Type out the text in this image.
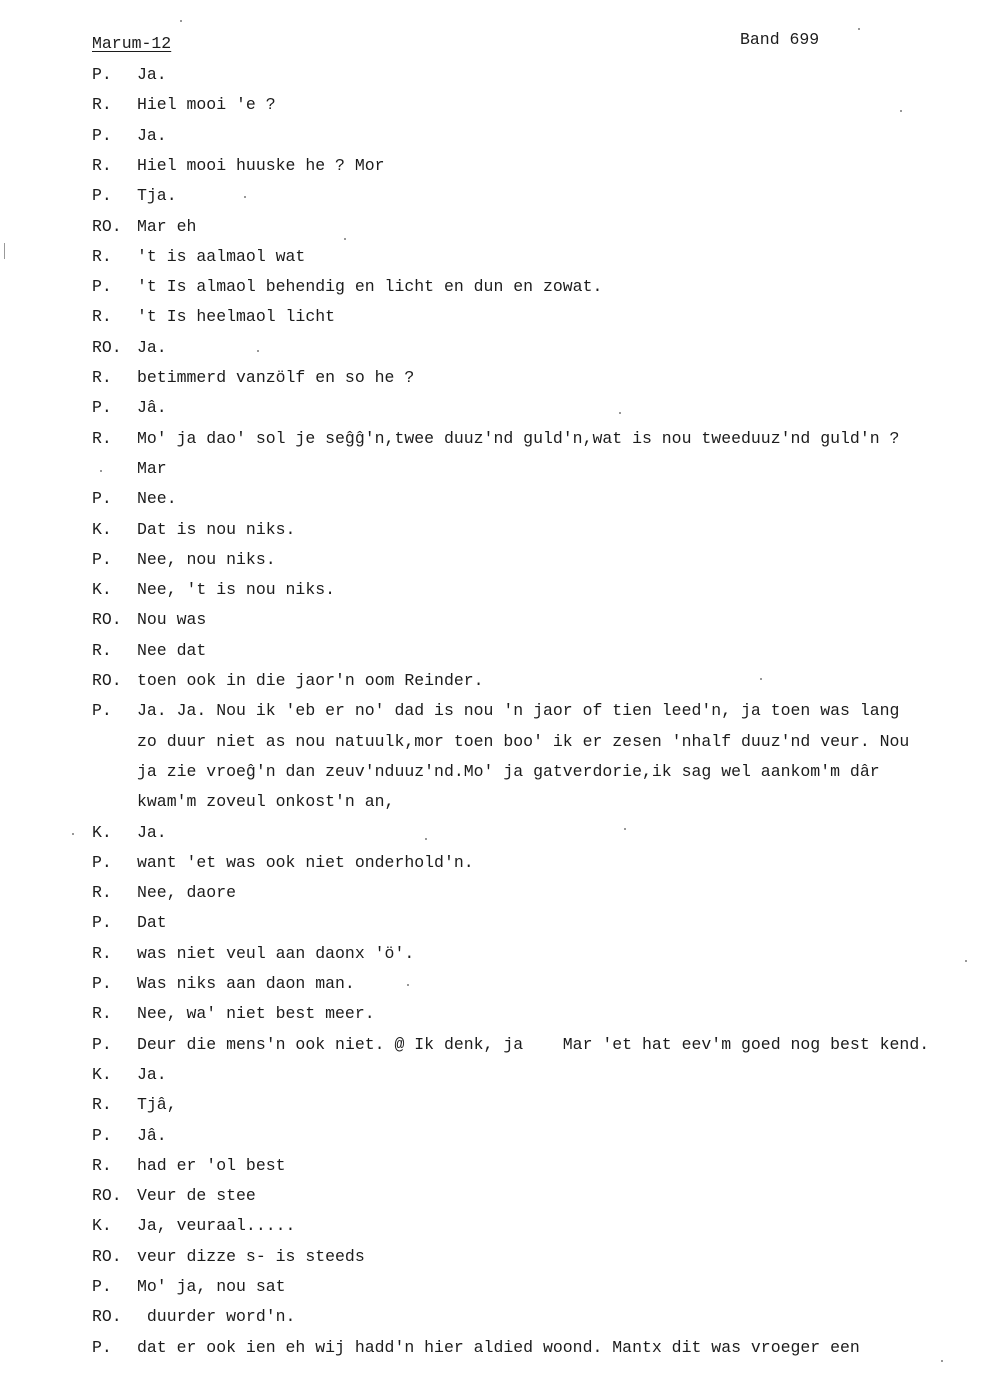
Marum-12	Band 699
P. Ja.
R. Hiel mooi 'e ?
P. Ja.
R. Hiel mooi huuske he ? Mor
P. Tja.
RO. Mar eh
R. 't is aalmaol wat
P. 't Is almaol behendig en licht en dun en zowat.
R. 't Is heelmaol licht
RO. Ja.
R. betimmerd vanzölf en so he ?
P. Jâ.
R. Mo' ja dao' sol je seĝĝ'n,twee duuz'nd guld'n,wat is nou tweeduuz'nd guld'n ?
Mar
P. Nee.
K. Dat is nou niks.
P. Nee, nou niks.
K. Nee, 't is nou niks.
RO. Nou was
R. Nee dat
RO. toen ook in die jaor'n oom Reinder.
P. Ja. Ja. Nou ik 'eb er no' dad is nou 'n jaor of tien leed'n, ja toen was lang
zo duur niet as nou natuulk,mor toen boo' ik er zesen 'nhalf duuz'nd veur. Nou
ja zie vroeĝ'n dan zeuv'nduuz'nd.Mo' ja gatverdorie,ik sag wel aankom'm dâr
kwam'm zoveul onkost'n an,
K. Ja.
P. want 'et was ook niet onderhold'n.
R. Nee, daore
P. Dat
R. was niet veul aan daonx 'ö'.
P. Was niks aan daon man.
R. Nee, wa' niet best meer.
P. Deur die mens'n ook niet. @ Ik denk, ja    Mar 'et hat eev'm goed nog best kend.
K. Ja.
R. Tjâ,
P. Jâ.
R. had er 'ol best
RO. Veur de stee
K. Ja, veuraal.....
RO. veur dizze s- is steeds
P. Mo' ja, nou sat
RO. duurder word'n.
P. dat er ook ien eh wij hadd'n hier aldied woond. Mantx dit was vroeger een
